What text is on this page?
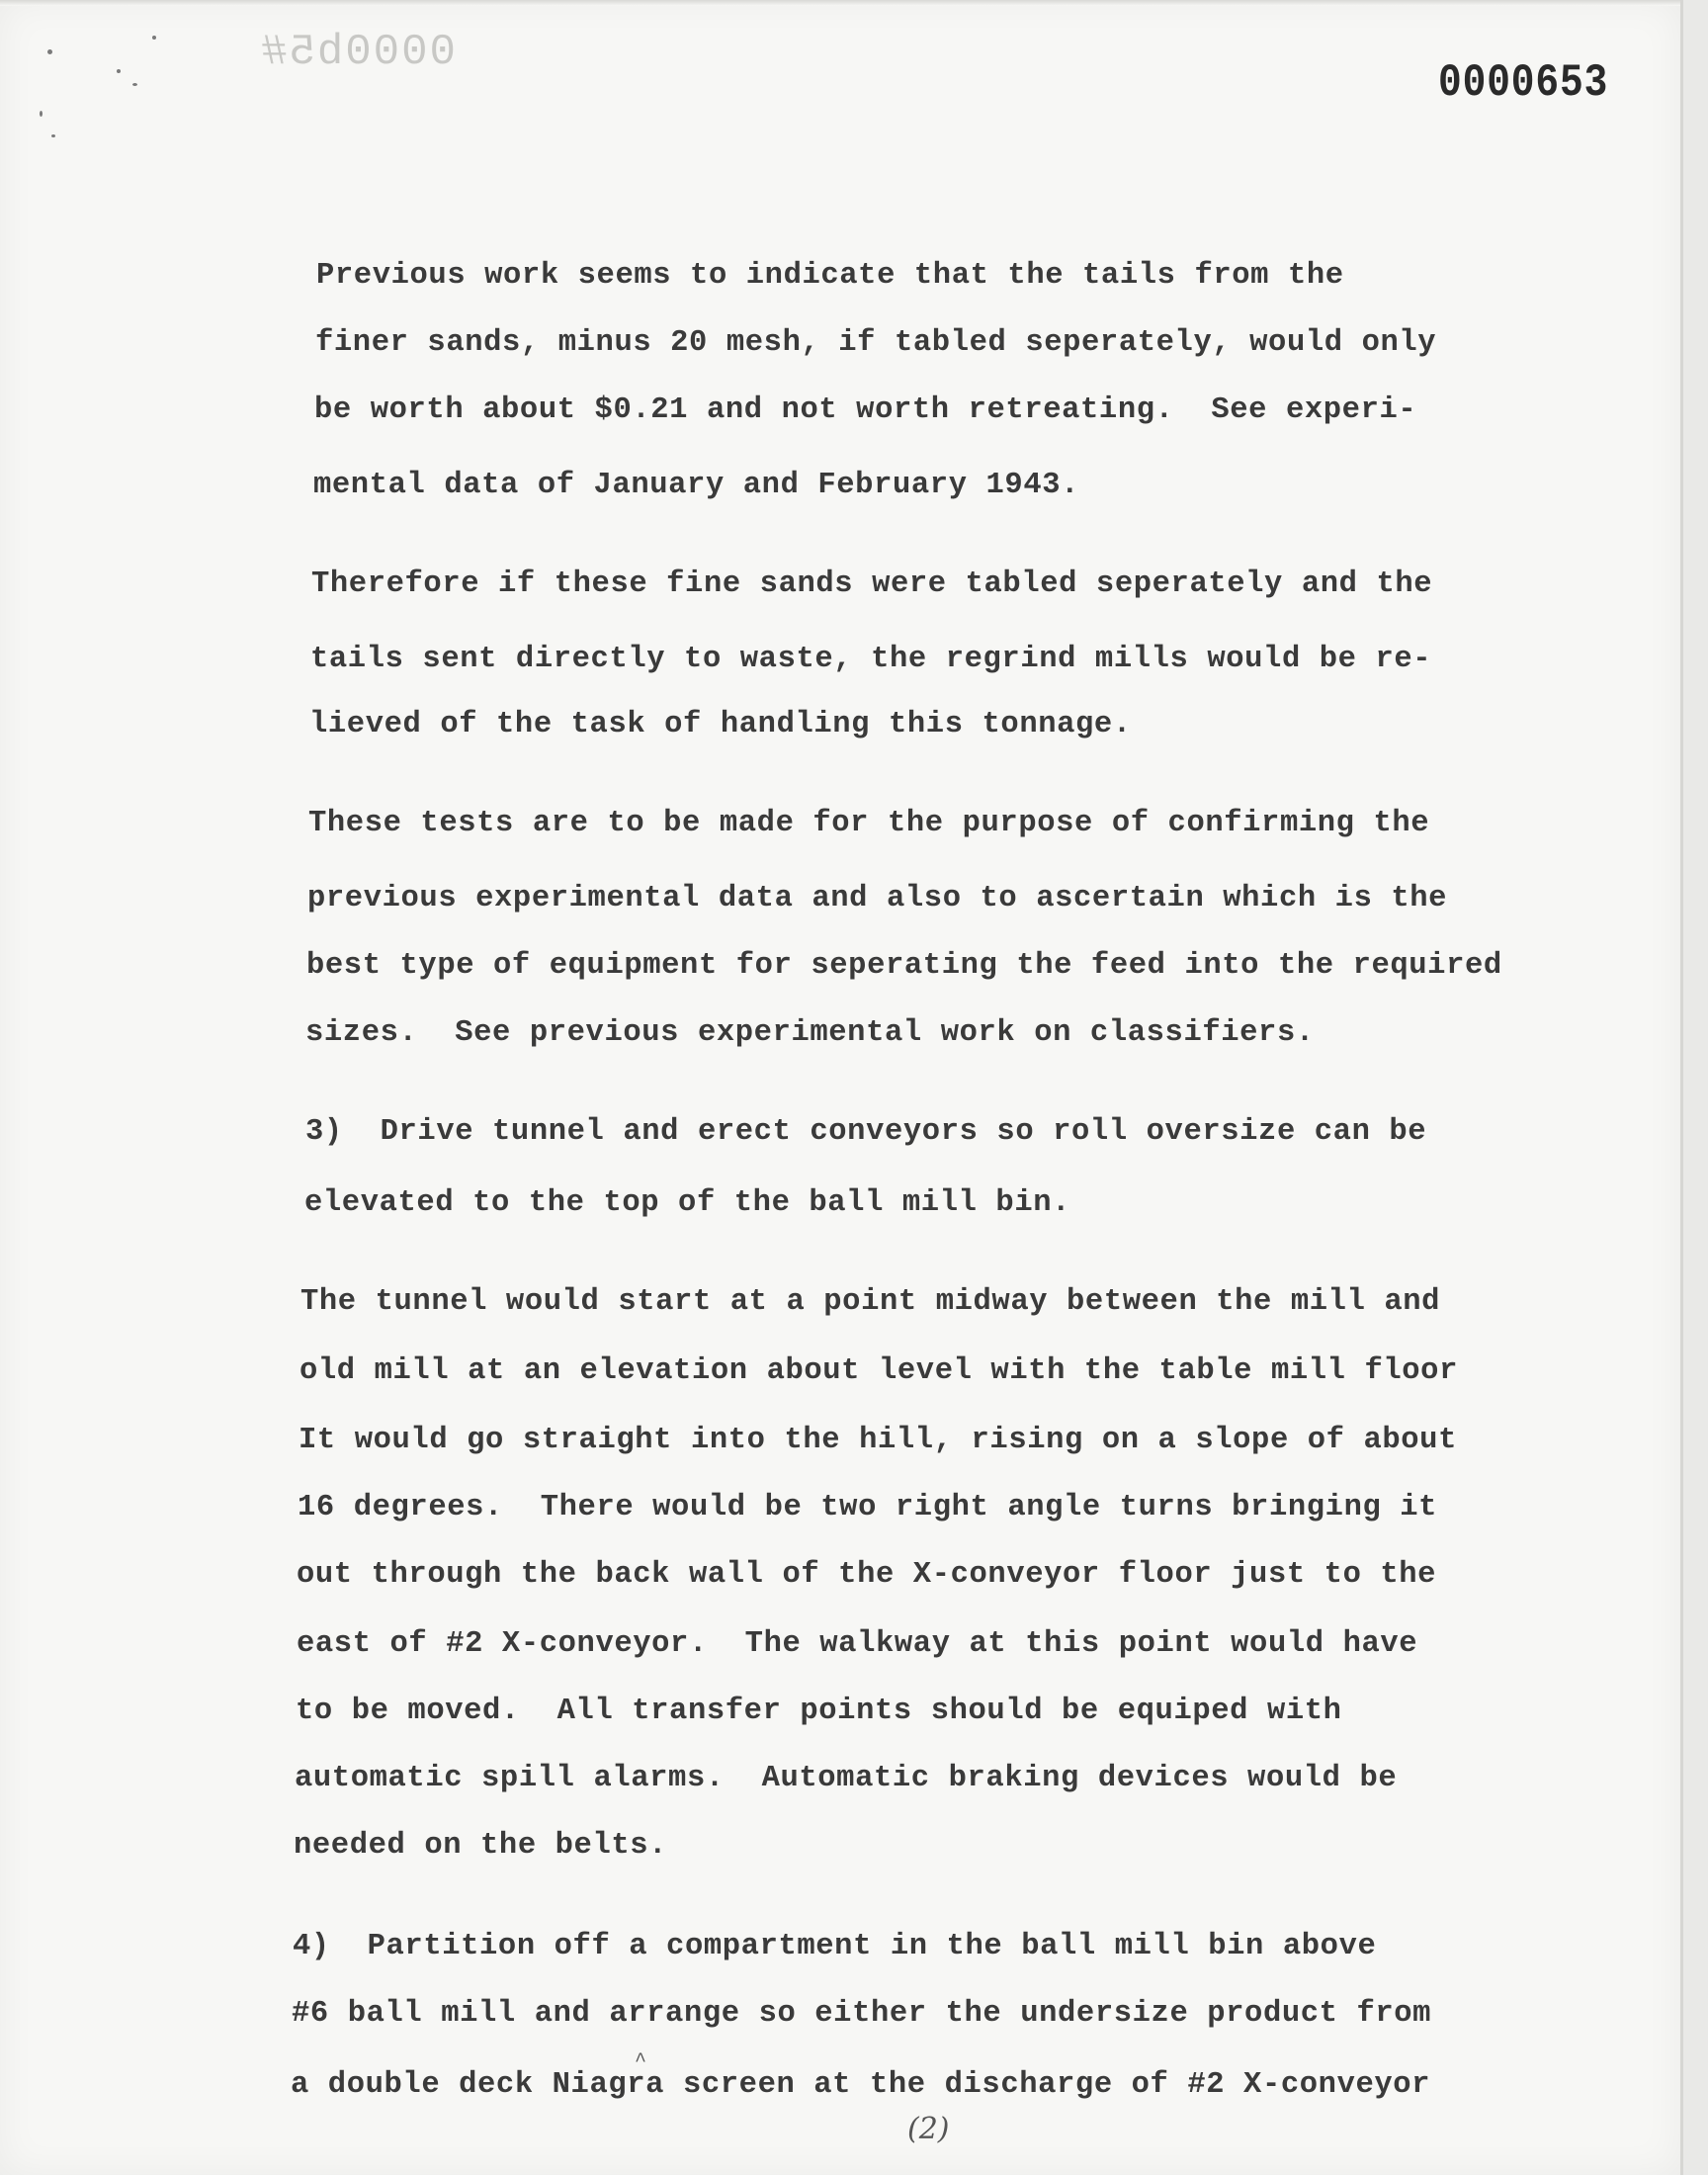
0000b5#
0000653
Previous work seems to indicate that the tails from the
finer sands, minus 20 mesh, if tabled seperately, would only
be worth about $0.21 and not worth retreating.  See experi-
mental data of January and February 1943.
Therefore if these fine sands were tabled seperately and the
tails sent directly to waste, the regrind mills would be re-
lieved of the task of handling this tonnage.
These tests are to be made for the purpose of confirming the
previous experimental data and also to ascertain which is the
best type of equipment for seperating the feed into the required
sizes.  See previous experimental work on classifiers.
3)  Drive tunnel and erect conveyors so roll oversize can be
elevated to the top of the ball mill bin.
The tunnel would start at a point midway between the mill and
old mill at an elevation about level with the table mill floor
It would go straight into the hill, rising on a slope of about
16 degrees.  There would be two right angle turns bringing it
out through the back wall of the X-conveyor floor just to the
east of #2 X-conveyor.  The walkway at this point would have
to be moved.  All transfer points should be equiped with
automatic spill alarms.  Automatic braking devices would be
needed on the belts.
4)  Partition off a compartment in the ball mill bin above
#6 ball mill and arrange so either the undersize product from
a double deck Niagra screen at the discharge of #2 X-conveyor
^
(2)
